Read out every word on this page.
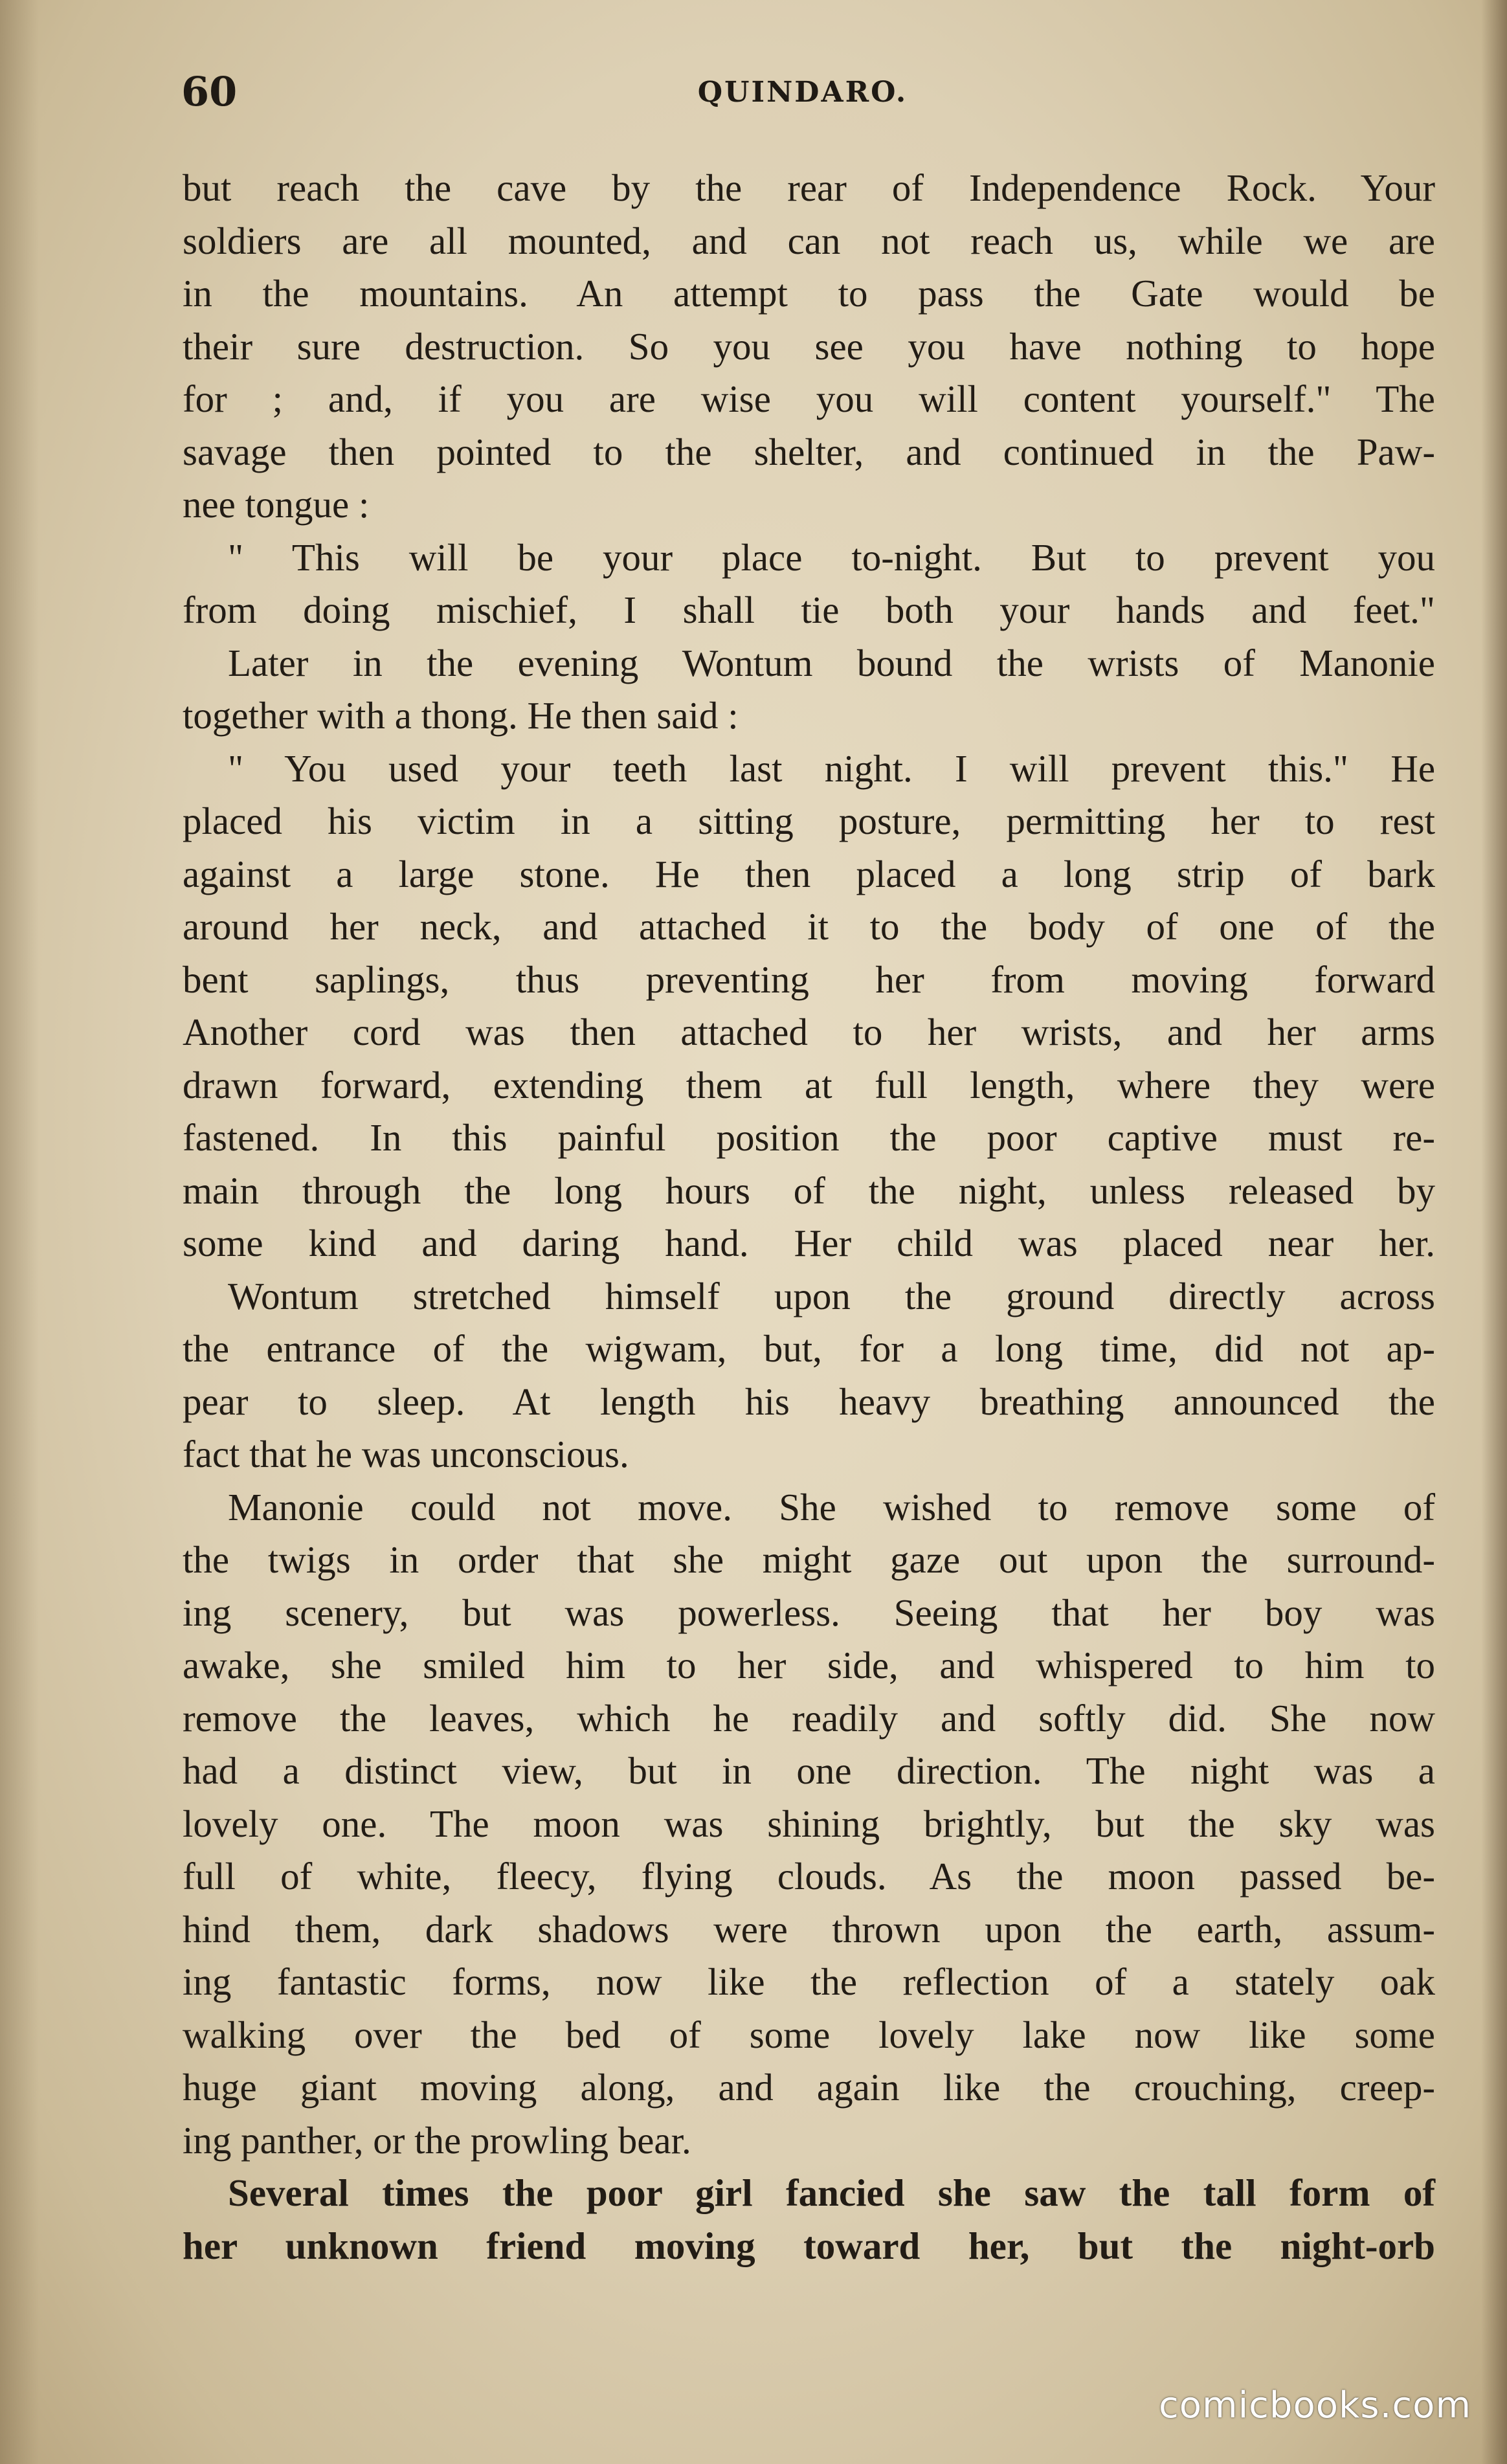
60	QUINDARO.
but reach the cave by the rear of Independence Rock. Your
soldiers are all mounted, and can not reach us, while we are
in the mountains. An attempt to pass the Gate would be
their sure destruction. So you see you have nothing to hope
for ; and, if you are wise you will content yourself." The
savage then pointed to the shelter, and continued in the Paw-
nee tongue :
" This will be your place to-night. But to prevent you
from doing mischief, I shall tie both your hands and feet."
Later in the evening Wontum bound the wrists of Manonie
together with a thong. He then said :
" You used your teeth last night. I will prevent this." He
placed his victim in a sitting posture, permitting her to rest
against a large stone. He then placed a long strip of bark
around her neck, and attached it to the body of one of the
bent saplings, thus preventing her from moving forward
Another cord was then attached to her wrists, and her arms
drawn forward, extending them at full length, where they were
fastened. In this painful position the poor captive must re-
main through the long hours of the night, unless released by
some kind and daring hand. Her child was placed near her.
Wontum stretched himself upon the ground directly across
the entrance of the wigwam, but, for a long time, did not ap-
pear to sleep. At length his heavy breathing announced the
fact that he was unconscious.
Manonie could not move. She wished to remove some of
the twigs in order that she might gaze out upon the surround-
ing scenery, but was powerless. Seeing that her boy was
awake, she smiled him to her side, and whispered to him to
remove the leaves, which he readily and softly did. She now
had a distinct view, but in one direction. The night was a
lovely one. The moon was shining brightly, but the sky was
full of white, fleecy, flying clouds. As the moon passed be-
hind them, dark shadows were thrown upon the earth, assum-
ing fantastic forms, now like the reflection of a stately oak
walking over the bed of some lovely lake now like some
huge giant moving along, and again like the crouching, creep-
ing panther, or the prowling bear.
Several times the poor girl fancied she saw the tall form of
her unknown friend moving toward her, but the night-orb
comicbooks.com
